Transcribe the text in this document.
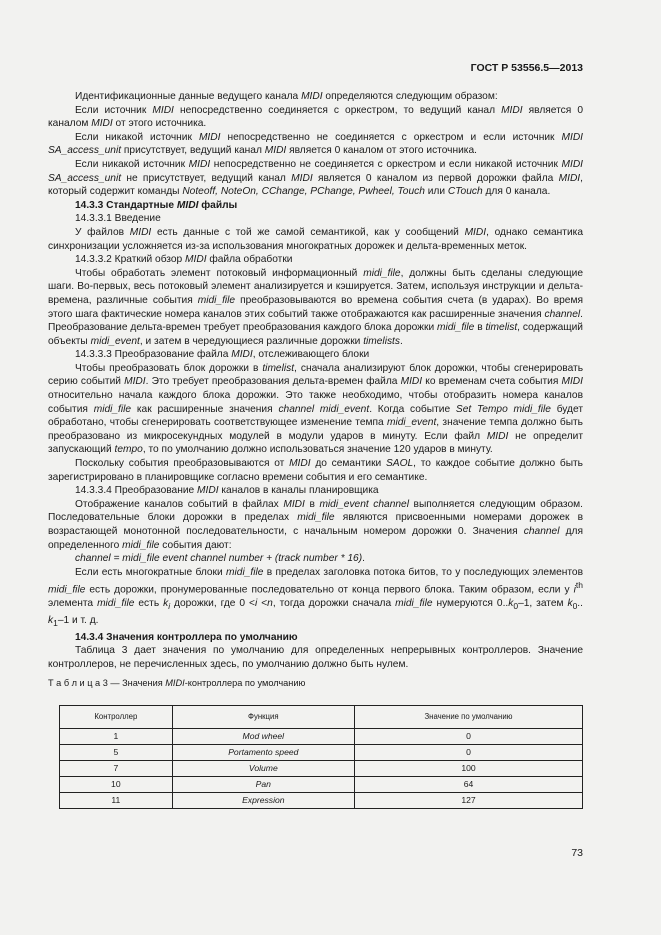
ГОСТ Р 53556.5—2013

Идентификационные данные ведущего канала MIDI определяются следующим образом:

Если источник MIDI непосредственно соединяется с оркестром, то ведущий канал MIDI является 0 каналом MIDI от этого источника.

Если никакой источник MIDI непосредственно не соединяется с оркестром и если источник MIDI SA_access_unit присутствует, ведущий канал MIDI является 0 каналом от этого источника.

Если никакой источник MIDI непосредственно не соединяется с оркестром и если никакой источник MIDI SA_access_unit не присутствует, ведущий канал MIDI является 0 каналом из первой дорожки файла MIDI, который содержит команды Noteoff, NoteOn, CChange, PChange, Pwheel, Touch или CTouch для 0 канала.

14.3.3 Стандартные MIDI файлы

14.3.3.1 Введение

У файлов MIDI есть данные с той же самой семантикой, как у сообщений MIDI, однако семантика синхронизации усложняется из-за использования многократных дорожек и дельта-временных меток.

14.3.3.2 Краткий обзор MIDI файла обработки

Чтобы обработать элемент потоковый информационный midi_file, должны быть сделаны следующие шаги. Во-первых, весь потоковый элемент анализируется и кэшируется. Затем, используя инструкции и дельта-времена, различные события midi_file преобразовываются во времена события счета (в ударах). Во время этого шага фактические номера каналов этих событий также отображаются как расширенные значения channel. Преобразование дельта-времен требует преобразования каждого блока дорожки midi_file в timelist, содержащий объекты midi_event, и затем в чередующиеся различные дорожки timelists.

14.3.3.3 Преобразование файла MIDI, отслеживающего блоки

Чтобы преобразовать блок дорожки в timelist, сначала анализируют блок дорожки, чтобы сгенерировать серию событий MIDI. Это требует преобразования дельта-времен файла MIDI ко временам счета события MIDI относительно начала каждого блока дорожки. Это также необходимо, чтобы отобразить номера каналов события midi_file как расширенные значения channel midi_event. Когда событие Set Tempo midi_file будет обработано, чтобы сгенерировать соответствующее изменение темпа midi_event, значение темпа должно быть преобразовано из микросекундных модулей в модули ударов в минуту. Если файл MIDI не определит запускающий tempo, то по умолчанию должно использоваться значение 120 ударов в минуту.

Поскольку события преобразовываются от MIDI до семантики SAOL, то каждое событие должно быть зарегистрировано в планировщике согласно времени события и его семантике.

14.3.3.4 Преобразование MIDI каналов в каналы планировщика

Отображение каналов событий в файлах MIDI в midi_event channel выполняется следующим образом. Последовательные блоки дорожки в пределах midi_file являются присвоенными номерами дорожек в возрастающей монотонной последовательности, с начальным номером дорожки 0. Значения channel для определенного midi_file события дают:

channel = midi_file event channel number + (track number * 16).

Если есть многократные блоки midi_file в пределах заголовка потока битов, то у последующих элементов midi_file есть дорожки, пронумерованные последовательно от конца первого блока. Таким образом, если у $i^{th}$ элемента midi_file есть $k_i$ дорожки, где 0 <i <n, тогда дорожки сначала midi_file нумеруются $0..k_0-1$, затем $k_0$.. $k_1-1$ и т. д.

14.3.4 Значения контроллера по умолчанию

Таблица 3 дает значения по умолчанию для определенных непрерывных контроллеров. Значение контроллеров, не перечисленных здесь, по умолчанию должно быть нулем.

Т а б л и ц а 3 — Значения MIDI-контроллера по умолчанию

Контроллер	Функция	Значение по умолчанию
1	Mod wheel	0
5	Portamento speed	0
7	Volume	100
10	Pan	64
11	Expression	127
73
